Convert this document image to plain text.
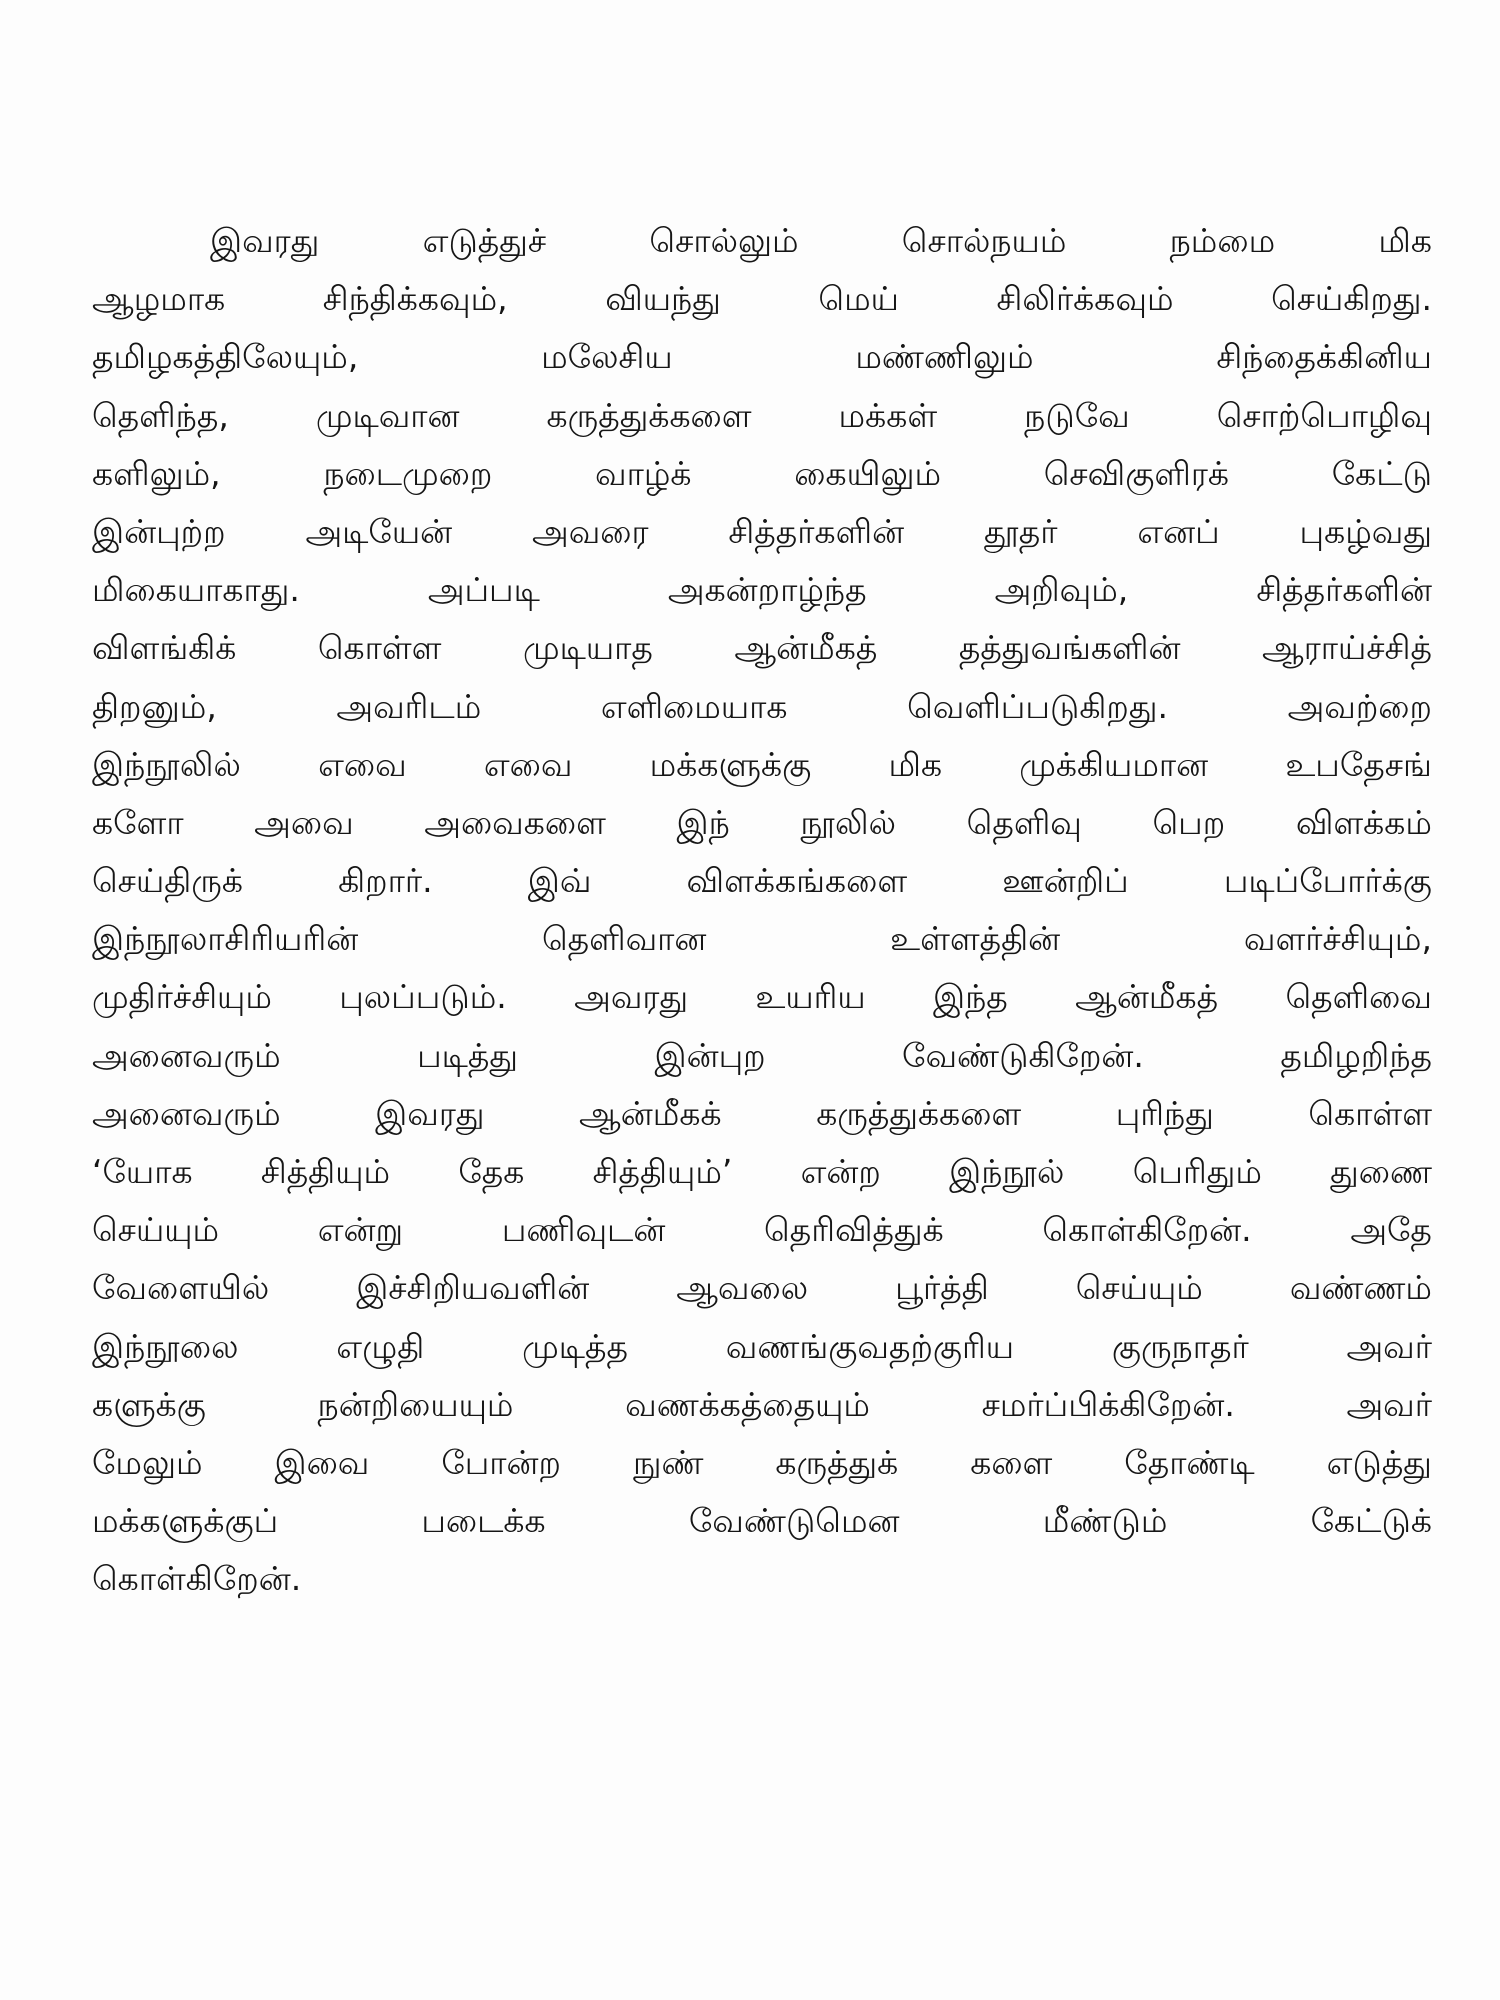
இவரது	எடுத்துச்	சொல்லும்	சொல்நயம்	நம்மை	மிக
ஆழமாக	சிந்திக்கவும்,	வியந்து	மெய்	சிலிர்க்கவும்	செய்கிறது.
தமிழகத்திலேயும்,	மலேசிய	மண்ணிலும்	சிந்தைக்கினிய
தெளிந்த,	முடிவான	கருத்துக்களை	மக்கள்	நடுவே	சொற்பொழிவு
களிலும்,	நடைமுறை	வாழ்க்	கையிலும்	செவிகுளிரக்	கேட்டு
இன்புற்ற அடியேன் அவரை சித்தர்களின் தூதர் எனப் புகழ்வது
மிகையாகாது.	அப்படி	அகன்றாழ்ந்த	அறிவும்,	சித்தர்களின்
விளங்கிக் கொள்ள முடியாத ஆன்மீகத் தத்துவங்களின் ஆராய்ச்சித்
திறனும்,	அவரிடம்	எளிமையாக	வெளிப்படுகிறது.	அவற்றை
இந்நூலில் எவை எவை மக்களுக்கு மிக முக்கியமான உபதேசங்
களோ அவை அவைகளை இந் நூலில் தெளிவு பெற விளக்கம்
செய்திருக்	கிறார்.	இவ்	விளக்கங்களை	ஊன்றிப்	படிப்போர்க்கு
இந்நூலாசிரியரின்	தெளிவான	உள்ளத்தின்	வளர்ச்சியும்,
முதிர்ச்சியும் புலப்படும். அவரது உயரிய இந்த ஆன்மீகத் தெளிவை
அனைவரும்	படித்து	இன்புற	வேண்டுகிறேன்.	தமிழறிந்த
அனைவரும்	இவரது	ஆன்மீகக்	கருத்துக்களை	புரிந்து	கொள்ள
‘யோக சித்தியும் தேக சித்தியும்’ என்ற இந்நூல் பெரிதும் துணை
செய்யும்	என்று	பணிவுடன்	தெரிவித்துக்	கொள்கிறேன்.	அதே
வேளையில்	இச்சிறியவளின்	ஆவலை	பூர்த்தி	செய்யும்	வண்ணம்
இந்நூலை	எழுதி	முடித்த	வணங்குவதற்குரிய	குருநாதர்	அவர்
களுக்கு	நன்றியையும்	வணக்கத்தையும்	சமர்ப்பிக்கிறேன்.	அவர்
மேலும் இவை போன்ற நுண் கருத்துக் களை தோண்டி எடுத்து
மக்களுக்குப்	படைக்க	வேண்டுமென	மீண்டும்	கேட்டுக்
கொள்கிறேன்.
